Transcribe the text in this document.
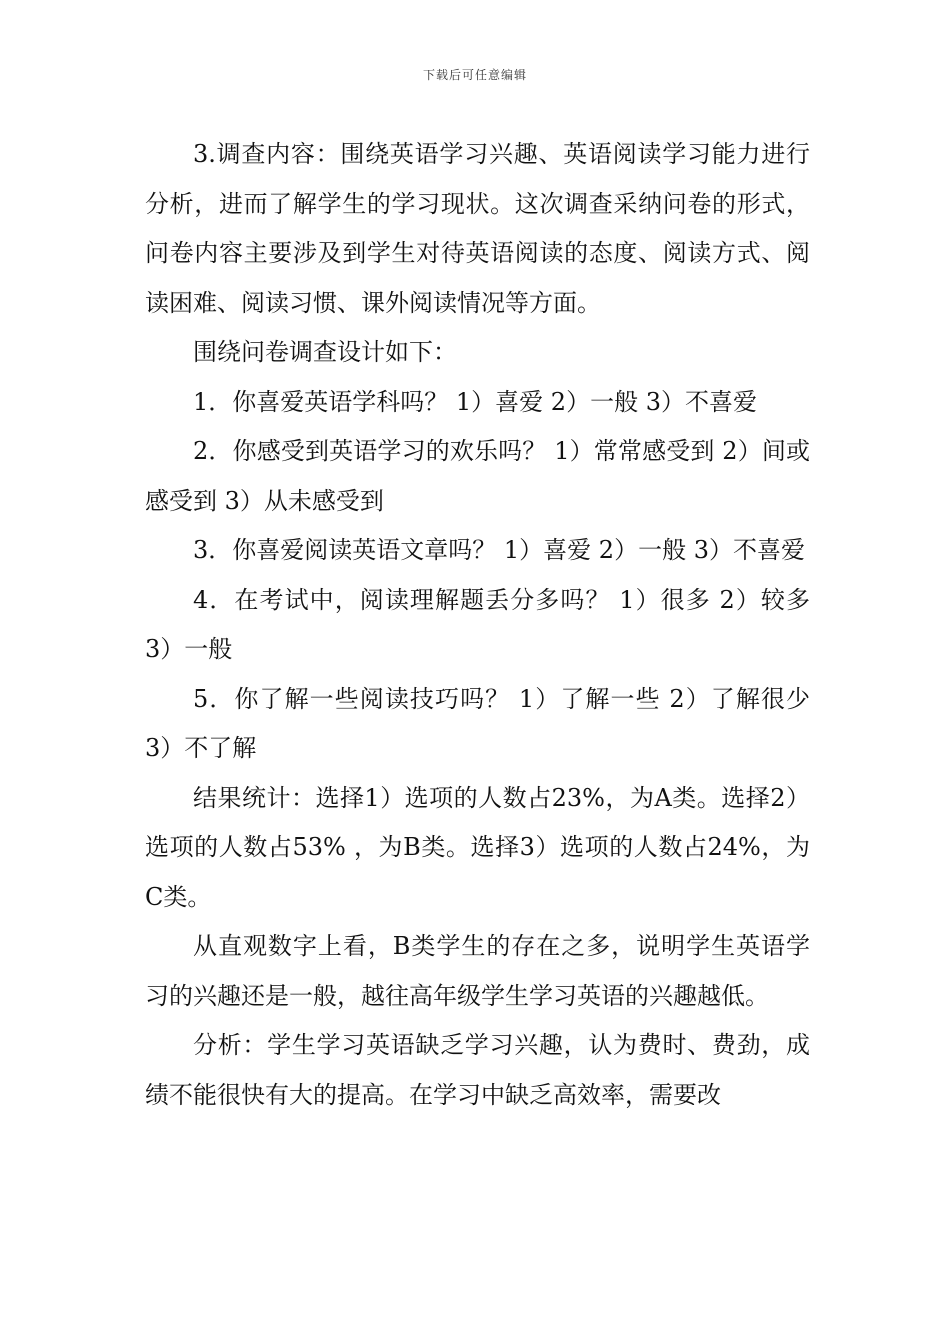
下载后可任意编辑

3.调查内容：围绕英语学习兴趣、英语阅读学习能力进行分析，进而了解学生的学习现状。这次调查采纳问卷的形式，问卷内容主要涉及到学生对待英语阅读的态度、阅读方式、阅读困难、阅读习惯、课外阅读情况等方面。

围绕问卷调查设计如下：

1．你喜爱英语学科吗？ 1）喜爱 2）一般 3）不喜爱

2．你感受到英语学习的欢乐吗？ 1）常常感受到 2）间或感受到 3）从未感受到

3．你喜爱阅读英语文章吗？ 1）喜爱 2）一般 3）不喜爱

4．在考试中，阅读理解题丢分多吗？ 1）很多 2）较多 3）一般

5．你了解一些阅读技巧吗？ 1）了解一些 2）了解很少 3）不了解

结果统计：选择1）选项的人数占23%，为A类。选择2）选项的人数占53% ，为B类。选择3）选项的人数占24%，为C类。

从直观数字上看，B类学生的存在之多，说明学生英语学习的兴趣还是一般，越往高年级学生学习英语的兴趣越低。

分析：学生学习英语缺乏学习兴趣，认为费时、费劲，成绩不能很快有大的提高。在学习中缺乏高效率，需要改
